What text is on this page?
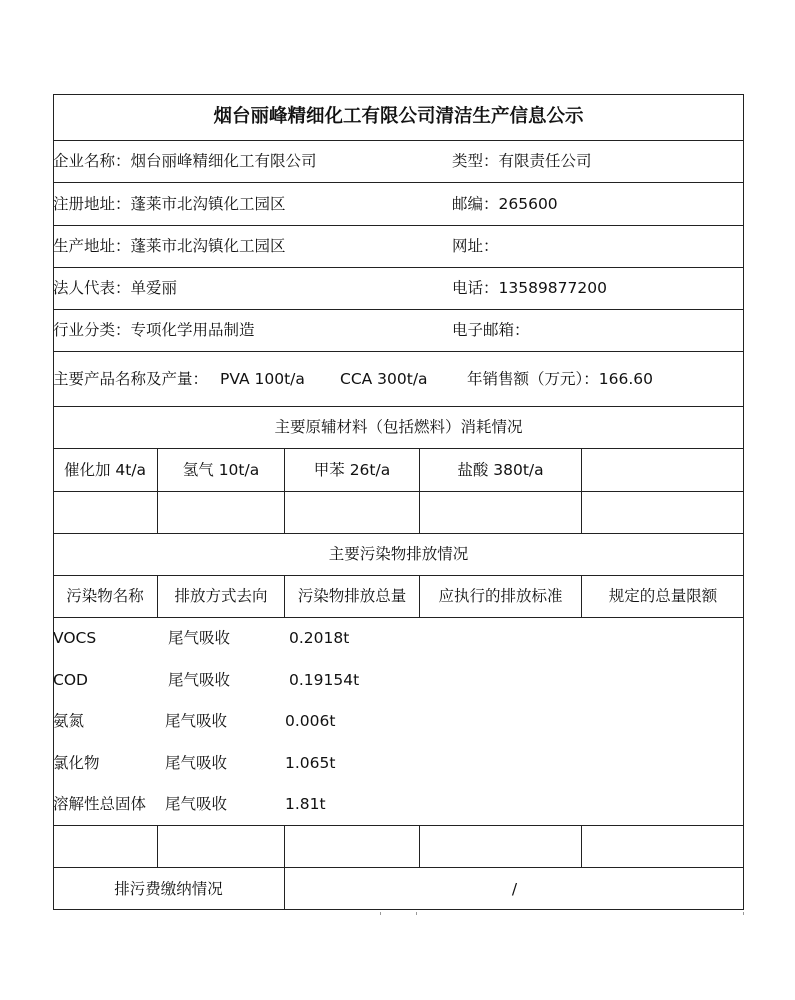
烟台丽峰精细化工有限公司清洁生产信息公示
企业名称：烟台丽峰精细化工有限公司	类型：有限责任公司
注册地址：蓬莱市北沟镇化工园区	邮编：265600
生产地址：蓬莱市北沟镇化工园区	网址：
法人代表：单爱丽	电话：13589877200
行业分类：专项化学用品制造	电子邮箱：
主要产品名称及产量： PVA 100t/a CCA 300t/a	年销售额（万元）：166.60
主要原辅材料（包括燃料）消耗情况
催化加 4t/a	氢气 10t/a	甲苯 26t/a	盐酸 380t/a
主要污染物排放情况
污染物名称	排放方式去向	污染物排放总量	应执行的排放标准	规定的总量限额
VOCS	尾气吸收	0.2018t
COD	尾气吸收	0.19154t
氨氮	尾气吸收	0.006t
氯化物	尾气吸收	1.065t
溶解性总固体 尾气吸收	1.81t
排污费缴纳情况	/
